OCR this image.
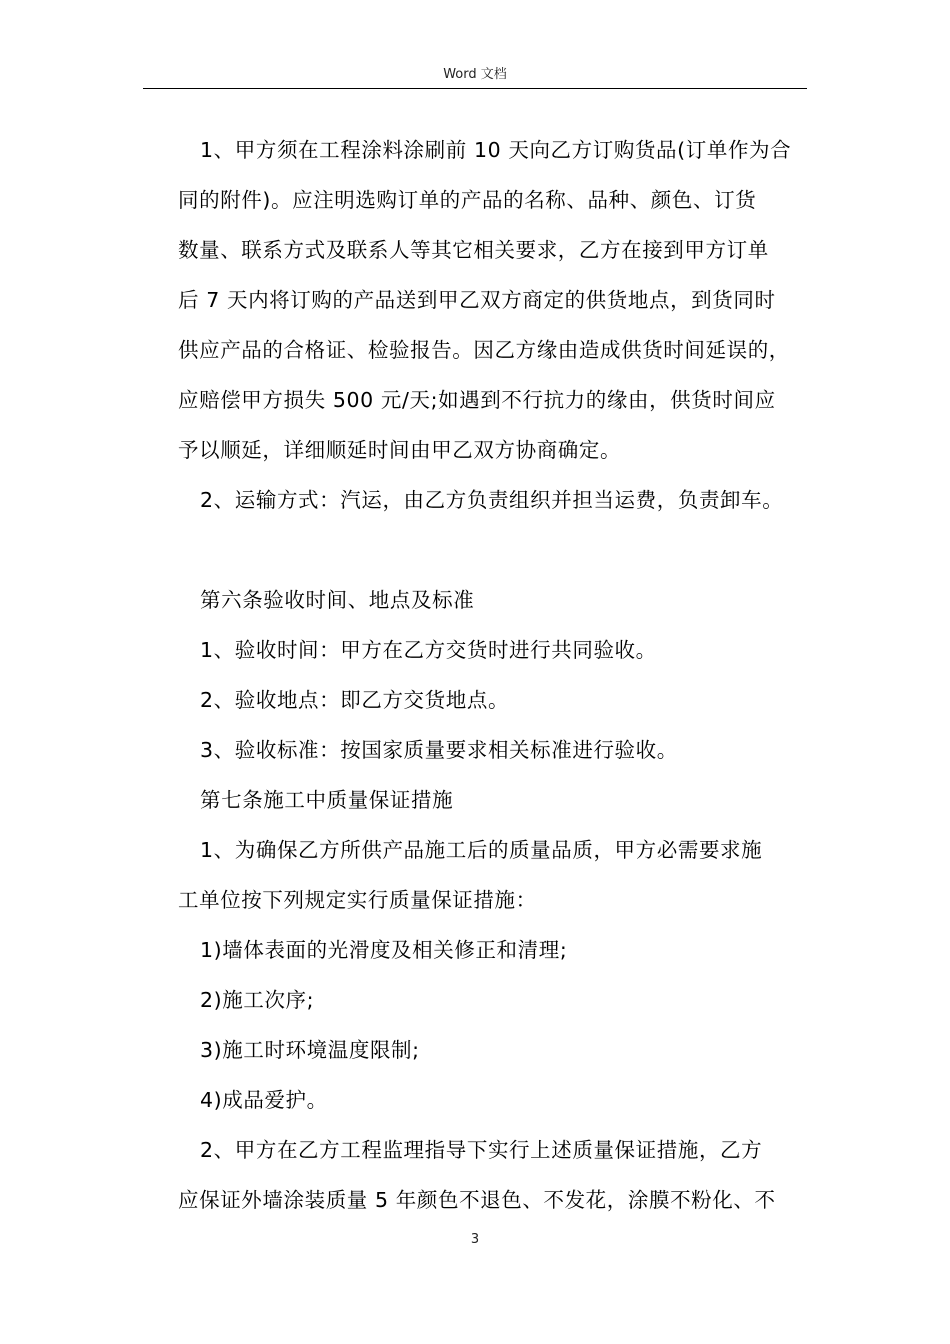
Word 文档
1、甲方须在工程涂料涂刷前 10 天向乙方订购货品(订单作为合
同的附件)。应注明选购订单的产品的名称、品种、颜色、订货
数量、联系方式及联系人等其它相关要求，乙方在接到甲方订单
后 7 天内将订购的产品送到甲乙双方商定的供货地点，到货同时
供应产品的合格证、检验报告。因乙方缘由造成供货时间延误的，
应赔偿甲方损失 500 元/天;如遇到不行抗力的缘由，供货时间应
予以顺延，详细顺延时间由甲乙双方协商确定。
2、运输方式：汽运，由乙方负责组织并担当运费，负责卸车。
第六条验收时间、地点及标准
1、验收时间：甲方在乙方交货时进行共同验收。
2、验收地点：即乙方交货地点。
3、验收标准：按国家质量要求相关标准进行验收。
第七条施工中质量保证措施
1、为确保乙方所供产品施工后的质量品质，甲方必需要求施
工单位按下列规定实行质量保证措施：
1)墙体表面的光滑度及相关修正和清理;
2)施工次序;
3)施工时环境温度限制;
4)成品爱护。
2、甲方在乙方工程监理指导下实行上述质量保证措施，乙方
应保证外墙涂装质量 5 年颜色不退色、不发花，涂膜不粉化、不
3
